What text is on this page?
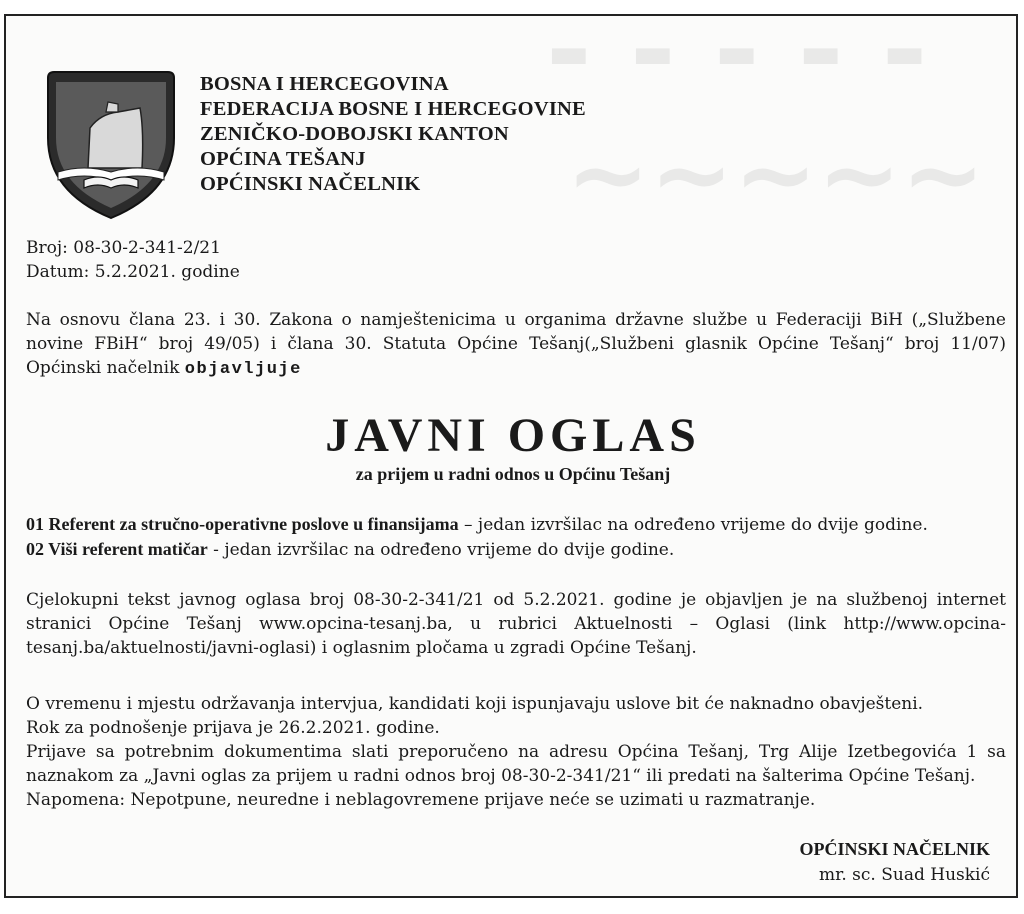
- - - - -
~~~~~
BOSNA I HERCEGOVINA
FEDERACIJA BOSNE I HERCEGOVINE
ZENIČKO-DOBOJSKI KANTON
OPĆINA TEŠANJ
OPĆINSKI NAČELNIK
Broj: 08-30-2-341-2/21
Datum: 5.2.2021. godine
Na osnovu člana 23. i 30. Zakona o namještenicima u organima državne službe u Federaciji BiH („Službene novine FBiH“ broj 49/05) i člana 30. Statuta Općine Tešanj(„Službeni glasnik Općine Tešanj“ broj 11/07) Općinski načelnik objavljuje
JAVNI OGLAS
za prijem u radni odnos u Općinu Tešanj
01 Referent za stručno-operativne poslove u finansijama – jedan izvršilac na određeno vrijeme do dvije godine.
02 Viši referent matičar - jedan izvršilac na određeno vrijeme do dvije godine.
Cjelokupni tekst javnog oglasa broj 08-30-2-341/21 od 5.2.2021. godine je objavljen je na službenoj internet stranici Općine Tešanj www.opcina-tesanj.ba, u rubrici Aktuelnosti – Oglasi (link http://www.opcina-tesanj.ba/aktuelnosti/javni-oglasi) i oglasnim pločama u zgradi Općine Tešanj.
O vremenu i mjestu održavanja intervjua, kandidati koji ispunjavaju uslove bit će naknadno obavješteni.
Rok za podnošenje prijava je 26.2.2021. godine.
Prijave sa potrebnim dokumentima slati preporučeno na adresu Općina Tešanj, Trg Alije Izetbegovića 1 sa naznakom za „Javni oglas za prijem u radni odnos broj 08-30-2-341/21“ ili predati na šalterima Općine Tešanj.
Napomena: Nepotpune, neuredne i neblagovremene prijave neće se uzimati u razmatranje.
OPĆINSKI NAČELNIK
mr. sc. Suad Huskić
